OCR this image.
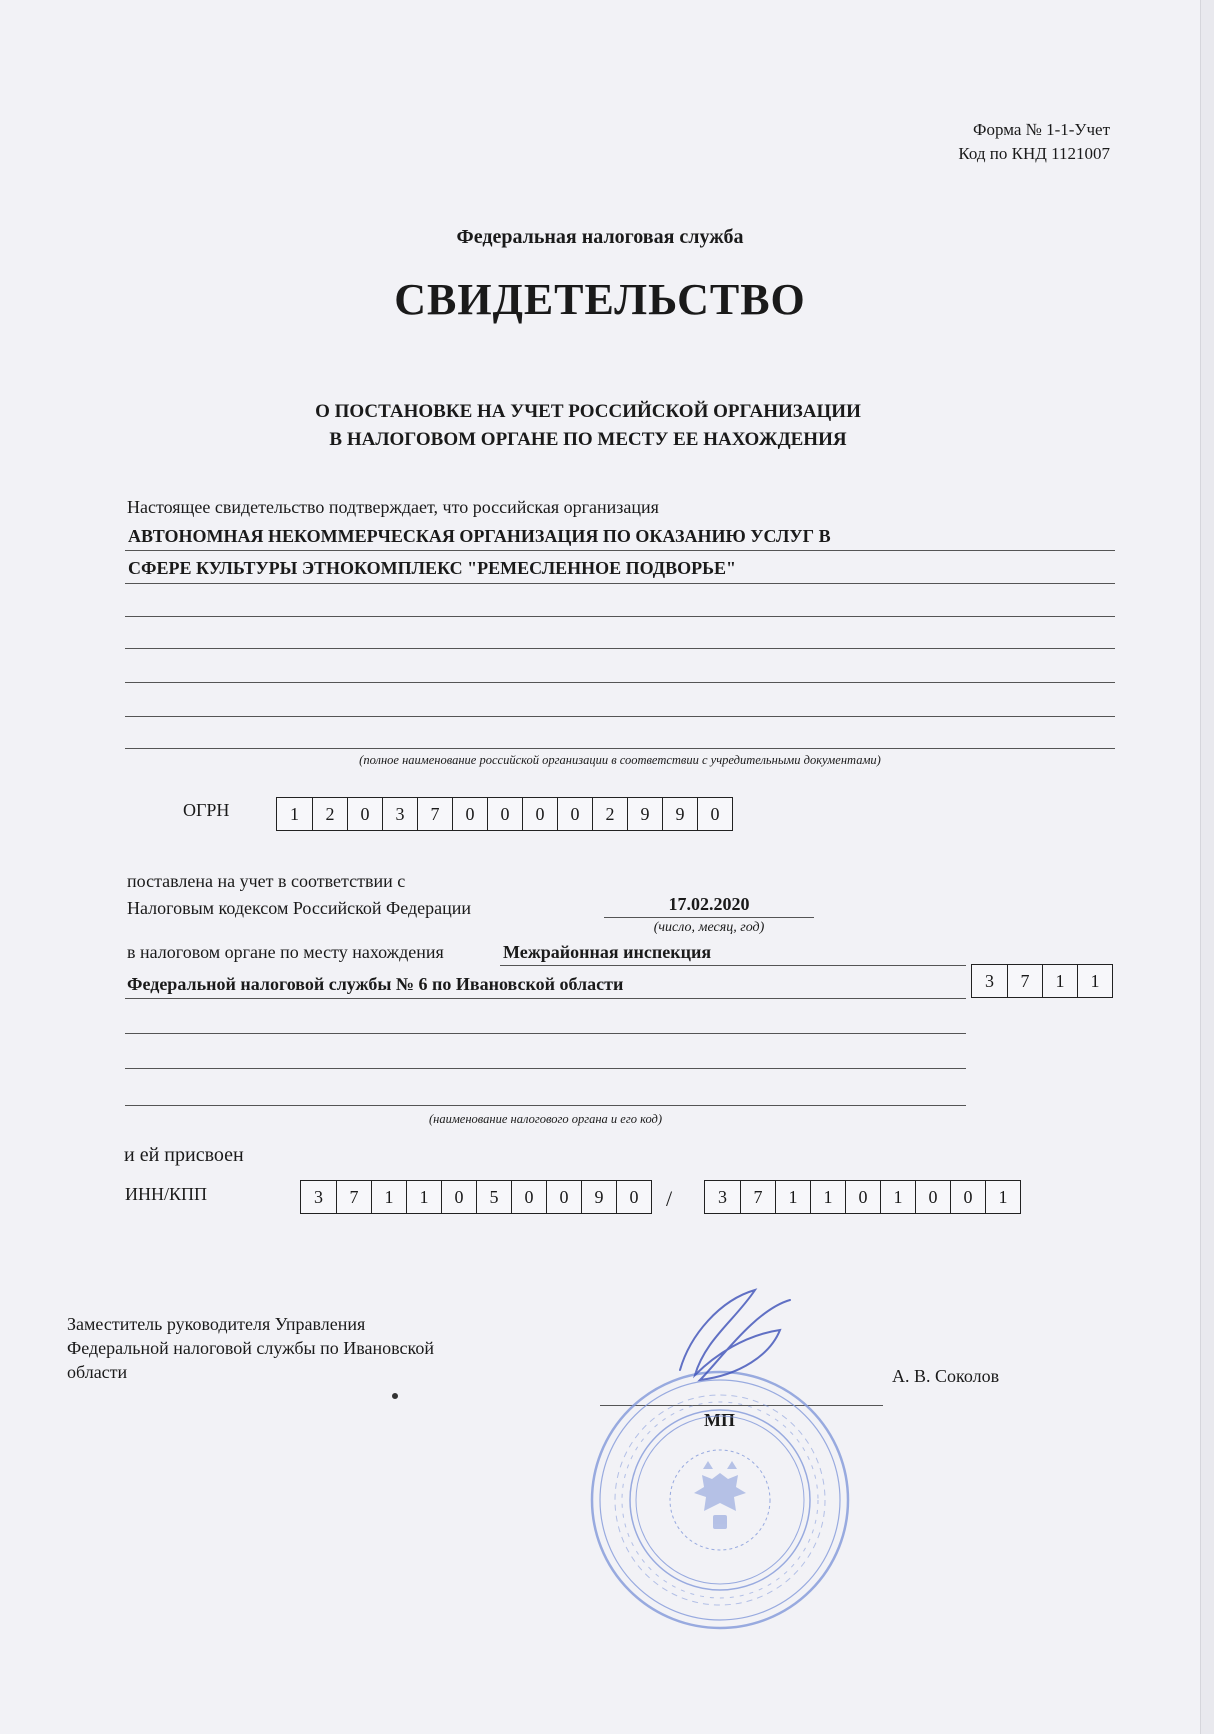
Форма № 1-1-Учет
Код по КНД 1121007
Федеральная налоговая служба
СВИДЕТЕЛЬСТВО
О ПОСТАНОВКЕ НА УЧЕТ РОССИЙСКОЙ ОРГАНИЗАЦИИ
В НАЛОГОВОМ ОРГАНЕ ПО МЕСТУ ЕЕ НАХОЖДЕНИЯ
Настоящее свидетельство подтверждает, что российская организация
АВТОНОМНАЯ НЕКОММЕРЧЕСКАЯ ОРГАНИЗАЦИЯ ПО ОКАЗАНИЮ УСЛУГ В
СФЕРЕ КУЛЬТУРЫ ЭТНОКОМПЛЕКС "РЕМЕСЛЕННОЕ ПОДВОРЬЕ"
(полное наименование российской организации в соответствии с учредительными документами)
ОГРН	1	2	0	3	7	0	0	0	0	2	9	9	0
поставлена на учет в соответствии с
Налоговым кодексом Российской Федерации	17.02.2020
(число, месяц, год)
в налоговом органе по месту нахождения	Межрайонная инспекция
Федеральной налоговой службы № 6 по Ивановской области	3	7	1	1
(наименование налогового органа и его код)
и ей присвоен
ИНН/КПП	3	7	1	1	0	5	0	0	9	0	/	3	7	1	1	0	1	0	0	1
Заместитель руководителя Управления
Федеральной налоговой службы по Ивановской
области	А. В. Соколов
МП
